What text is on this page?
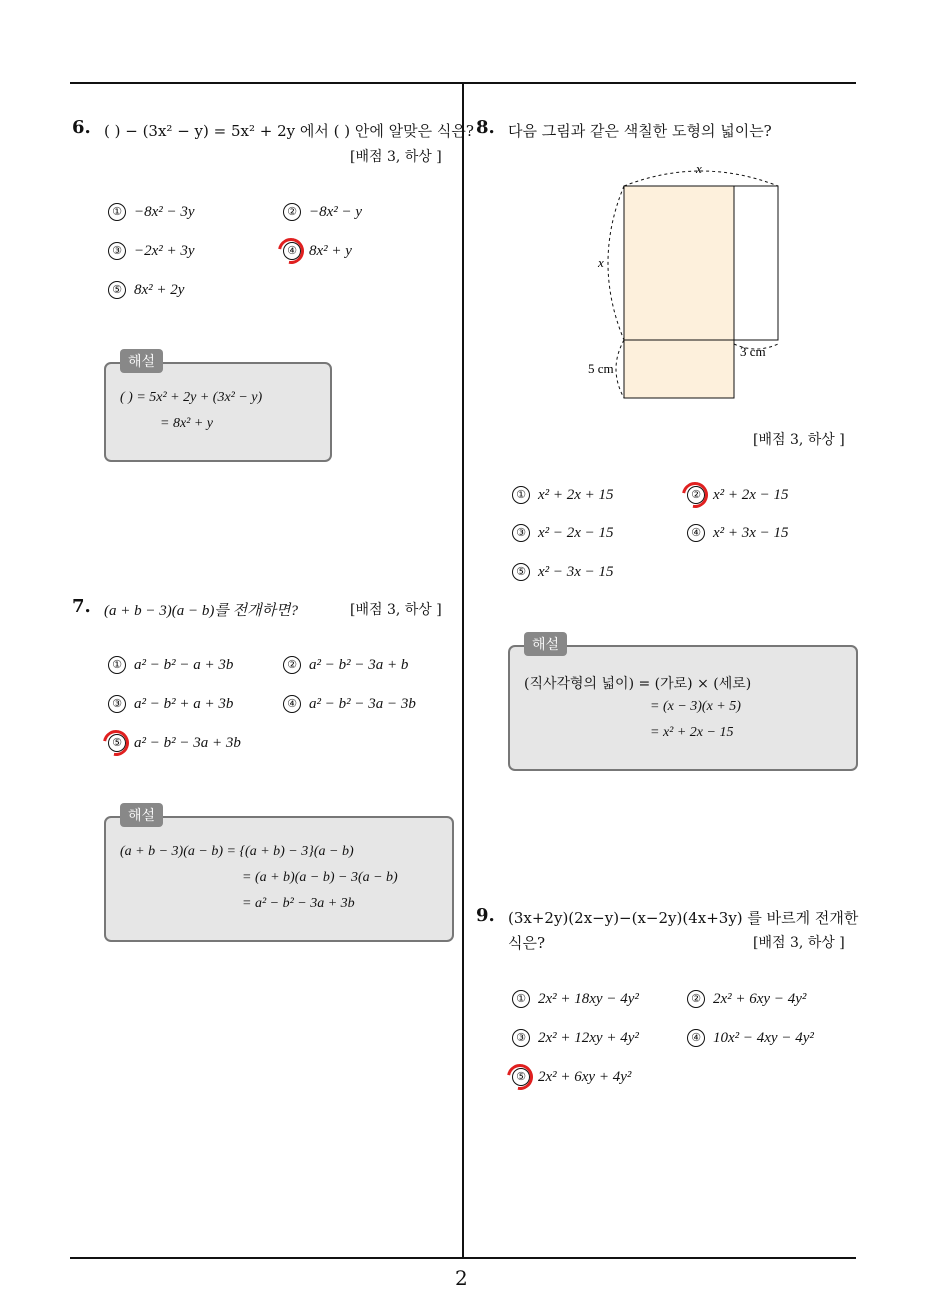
2
6. ( ) − (3x² − y) = 5x² + 2y 에서 ( ) 안에 알맞은 식은?
[배점 3, 하상 ]
① −8x² − 3y	② −8x² − y
③ −2x² + 3y	④ 8x² + y
⑤ 8x² + 2y
해설
( ) = 5x² + 2y + (3x² − y)
= 8x² + y
7. (a + b − 3)(a − b)를 전개하면?	[배점 3, 하상 ]
① a² − b² − a + 3b	② a² − b² − 3a + b
③ a² − b² + a + 3b	④ a² − b² − 3a − 3b
⑤ a² − b² − 3a + 3b
해설
(a + b − 3)(a − b) = {(a + b) − 3}(a − b)
= (a + b)(a − b) − 3(a − b)
= a² − b² − 3a + 3b
8. 다음 그림과 같은 색칠한 도형의 넓이는?
x
x
5 cm
3 cm
[배점 3, 하상 ]
① x² + 2x + 15	② x² + 2x − 15
③ x² − 2x − 15	④ x² + 3x − 15
⑤ x² − 3x − 15
해설
(직사각형의 넓이) = (가로) × (세로)
= (x − 3)(x + 5)
= x² + 2x − 15
9. (3x+2y)(2x−y)−(x−2y)(4x+3y) 를 바르게 전개한
식은?	[배점 3, 하상 ]
① 2x² + 18xy − 4y²	② 2x² + 6xy − 4y²
③ 2x² + 12xy + 4y²	④ 10x² − 4xy − 4y²
⑤ 2x² + 6xy + 4y²
